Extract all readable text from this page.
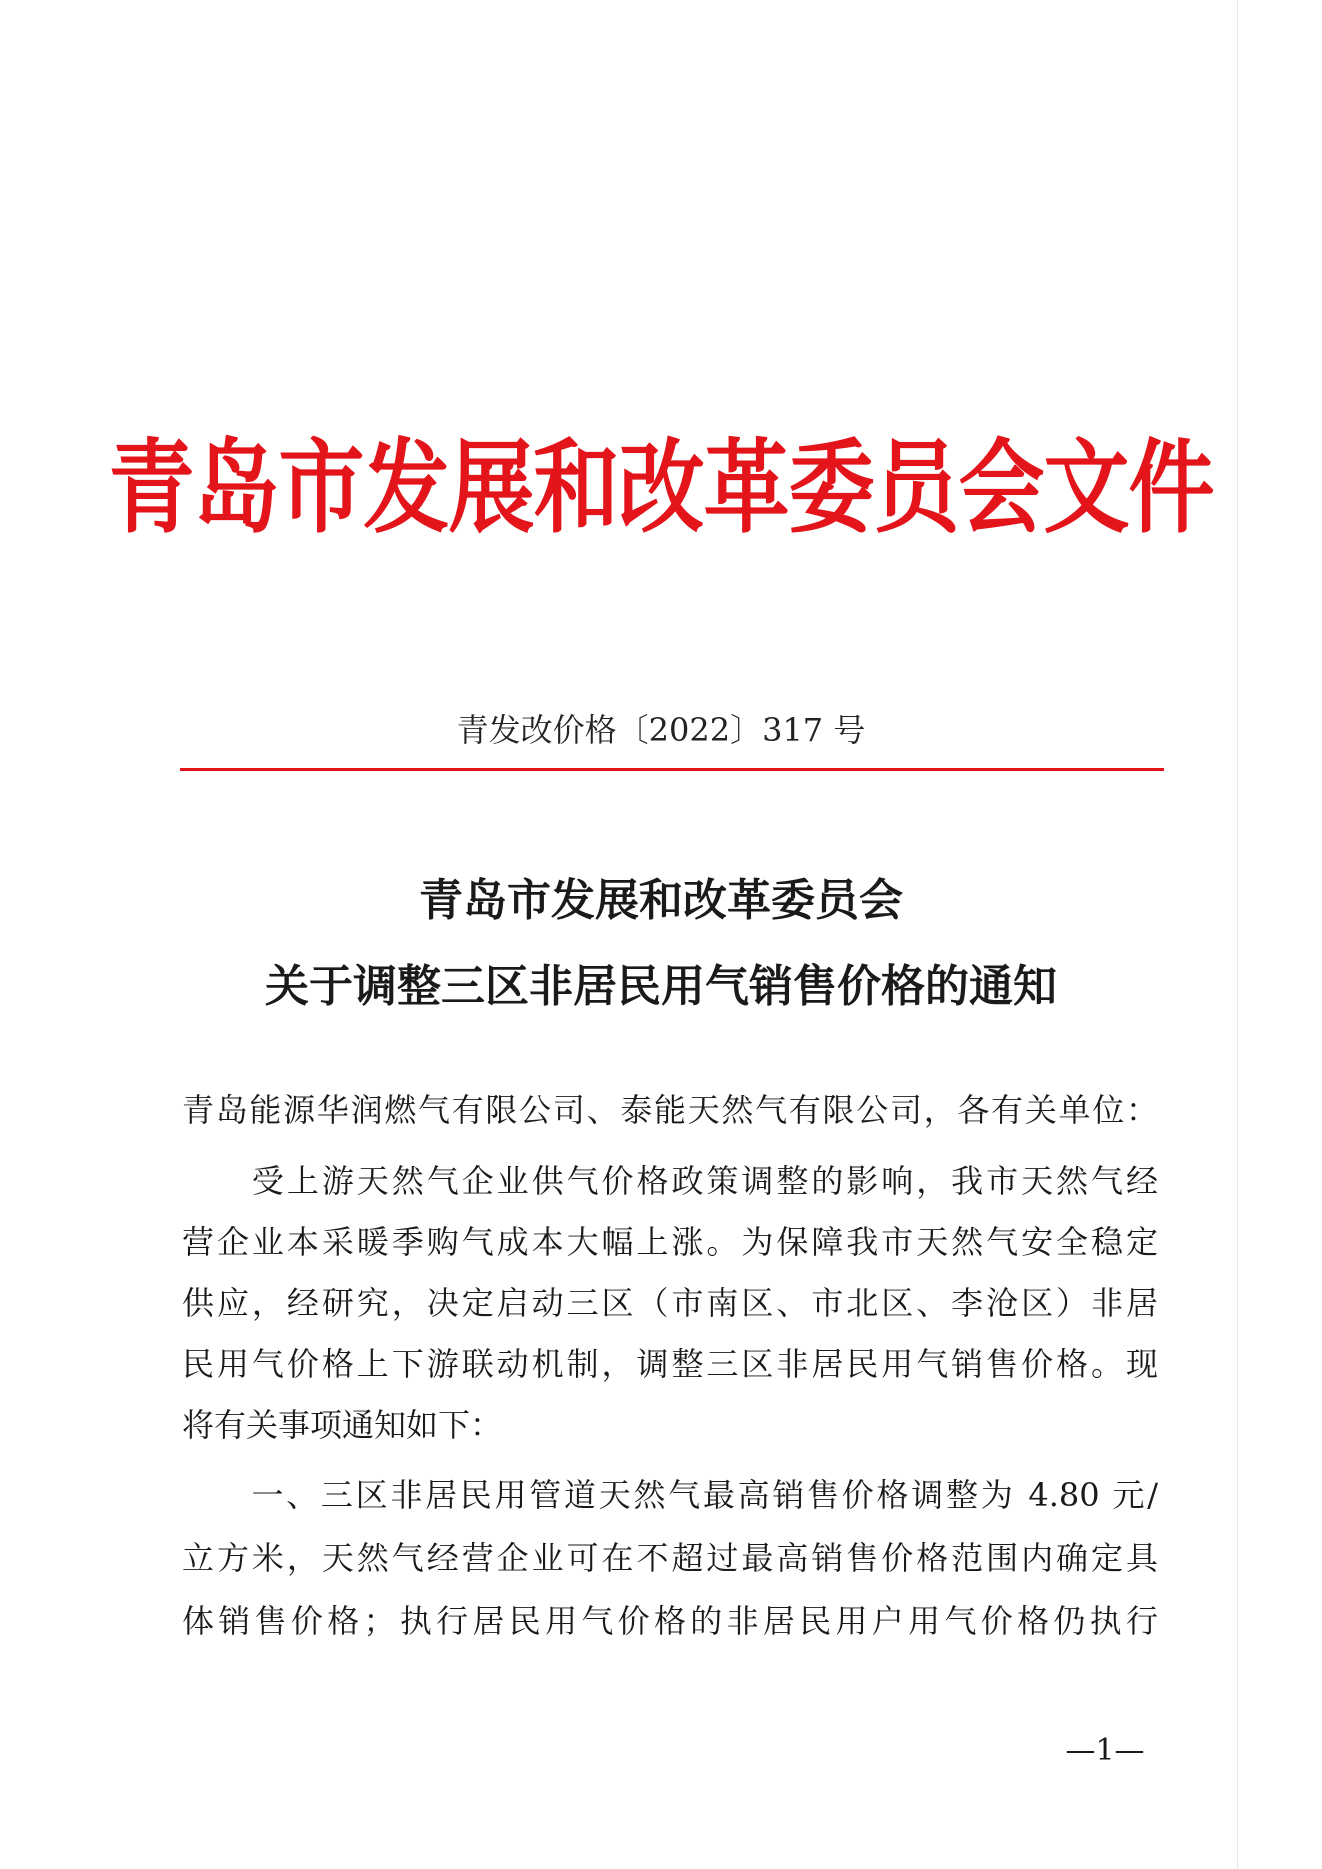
青岛市发展和改革委员会文件
青发改价格〔2022〕317 号
青岛市发展和改革委员会
关于调整三区非居民用气销售价格的通知
青岛能源华润燃气有限公司、泰能天然气有限公司，各有关单位：
　　受上游天然气企业供气价格政策调整的影响，我市天然气经
营企业本采暖季购气成本大幅上涨。为保障我市天然气安全稳定
供应，经研究，决定启动三区（市南区、市北区、李沧区）非居
民用气价格上下游联动机制，调整三区非居民用气销售价格。现
将有关事项通知如下：
　　一、三区非居民用管道天然气最高销售价格调整为 4.80 元/
立方米，天然气经营企业可在不超过最高销售价格范围内确定具
体销售价格；执行居民用气价格的非居民用户用气价格仍执行
—1—
